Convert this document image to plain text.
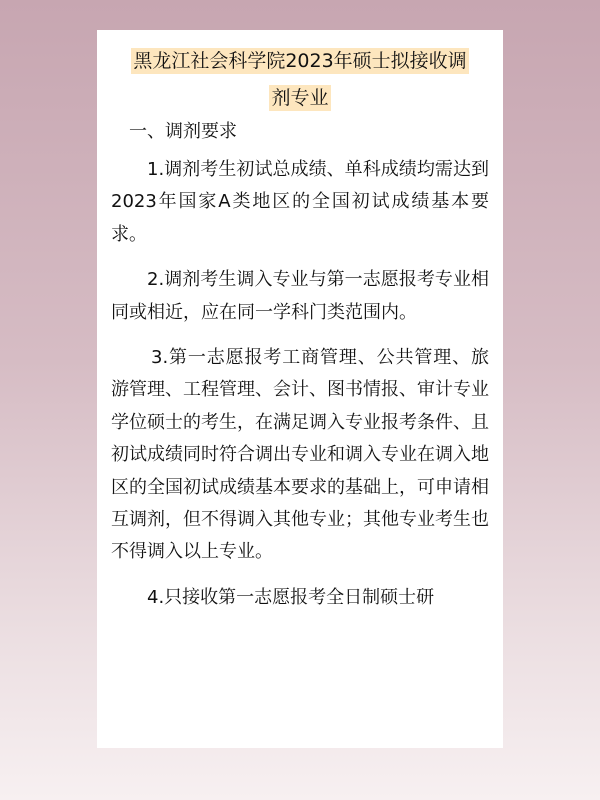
黑龙江社会科学院2023年硕士拟接收调
剂专业
一、调剂要求

1.调剂考生初试总成绩、单科成绩均需达到2023年国家A类地区的全国初试成绩基本要求。

2.调剂考生调入专业与第一志愿报考专业相同或相近，应在同一学科门类范围内。

3.第一志愿报考工商管理、公共管理、旅游管理、工程管理、会计、图书情报、审计专业学位硕士的考生，在满足调入专业报考条件、且初试成绩同时符合调出专业和调入专业在调入地区的全国初试成绩基本要求的基础上，可申请相互调剂，但不得调入其他专业；其他专业考生也不得调入以上专业。

4.只接收第一志愿报考全日制硕士研
